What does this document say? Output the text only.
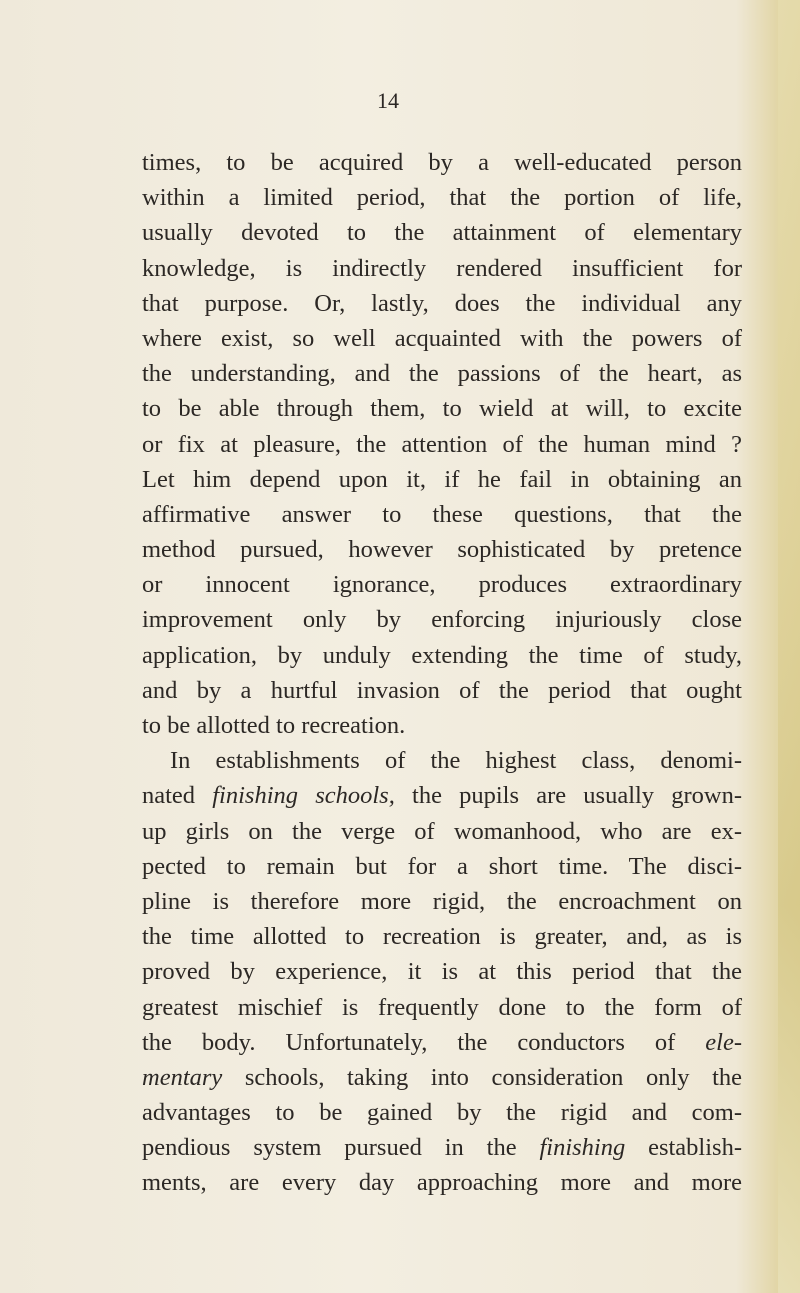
14
times, to be acquired by a well-educated person
within a limited period, that the portion of life,
usually devoted to the attainment of elementary
knowledge, is indirectly rendered insufficient for
that purpose. Or, lastly, does the individual any
where exist, so well acquainted with the powers of
the understanding, and the passions of the heart, as
to be able through them, to wield at will, to excite
or fix at pleasure, the attention of the human mind ?
Let him depend upon it, if he fail in obtaining an
affirmative answer to these questions, that the
method pursued, however sophisticated by pretence
or innocent ignorance, produces extraordinary
improvement only by enforcing injuriously close
application, by unduly extending the time of study,
and by a hurtful invasion of the period that ought
to be allotted to recreation.
In establishments of the highest class, denomi-
nated finishing schools, the pupils are usually grown-
up girls on the verge of womanhood, who are ex-
pected to remain but for a short time. The disci-
pline is therefore more rigid, the encroachment on
the time allotted to recreation is greater, and, as is
proved by experience, it is at this period that the
greatest mischief is frequently done to the form of
the body. Unfortunately, the conductors of ele-
mentary schools, taking into consideration only the
advantages to be gained by the rigid and com-
pendious system pursued in the finishing establish-
ments, are every day approaching more and more
